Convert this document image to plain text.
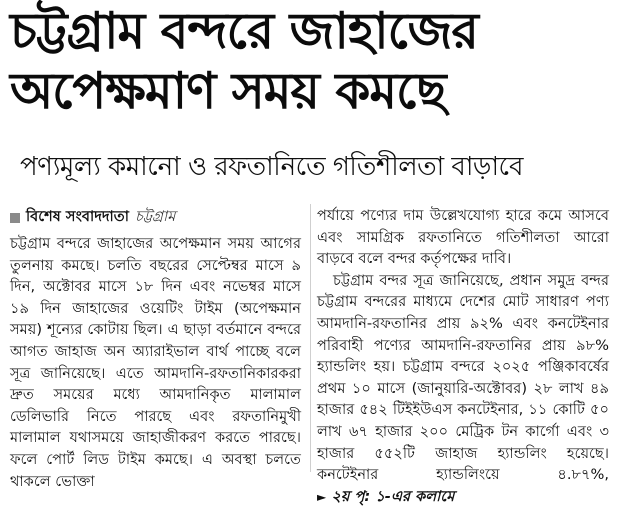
চট্টগ্রাম বন্দরে জাহাজের
অপেক্ষমাণ সময় কমছে
পণ্যমূল্য কমানো ও রফতানিতে গতিশীলতা বাড়াবে
বিশেষ সংবাদদাতা চট্টগ্রাম

চট্টগ্রাম বন্দরে জাহাজের অপেক্ষমান সময় আগের তুলনায় কমছে। চলতি বছরের সেপ্টেম্বর মাসে ৯ দিন, অক্টোবর মাসে ১৮ দিন এবং নভেম্বর মাসে ১৯ দিন জাহাজের ওয়েটিং টাইম (অপেক্ষমান সময়) শূন্যের কোটায় ছিল। এ ছাড়া বর্তমানে বন্দরে আগত জাহাজ অন অ্যারাইভাল বার্থ পাচ্ছে বলে সূত্র জানিয়েছে। এতে আমদানি-রফতানিকারকরা দ্রুত সময়ের মধ্যে আমদানিকৃত মালামাল ডেলিভারি নিতে পারছে এবং রফতানিমুখী মালামাল যথাসময়ে জাহাজীকরণ করতে পারছে। ফলে পোর্ট লিড টাইম কমছে। এ অবস্থা চলতে থাকলে ভোক্তা

পর্যায়ে পণ্যের দাম উল্লেখযোগ্য হারে কমে আসবে এবং সামগ্রিক রফতানিতে গতিশীলতা আরো বাড়বে বলে বন্দর কর্তৃপক্ষের দাবি।

চট্টগ্রাম বন্দর সূত্র জানিয়েছে, প্রধান সমুদ্র বন্দর চট্টগ্রাম বন্দরের মাধ্যমে দেশের মোট সাধারণ পণ্য আমদানি-রফতানির প্রায় ৯২% এবং কনটেইনার পরিবাহী পণ্যের আমদানি-রফতানির প্রায় ৯৮% হ্যান্ডলিং হয়। চট্টগ্রাম বন্দরে ২০২৫ পঞ্জিকাবর্ষের প্রথম ১০ মাসে (জানুয়ারি-অক্টোবর) ২৮ লাখ ৪৯ হাজার ৫৪২ টিইইউএস কনটেইনার, ১১ কোটি ৫০ লাখ ৬৭ হাজার ২০০ মেট্রিক টন কার্গো এবং ৩ হাজার ৫৫২টি জাহাজ হ্যান্ডলিং হয়েছে। কনটেইনার হ্যান্ডলিংয়ে ৪.৮৭%, ► ২য় পৃ: ১-এর কলামে
